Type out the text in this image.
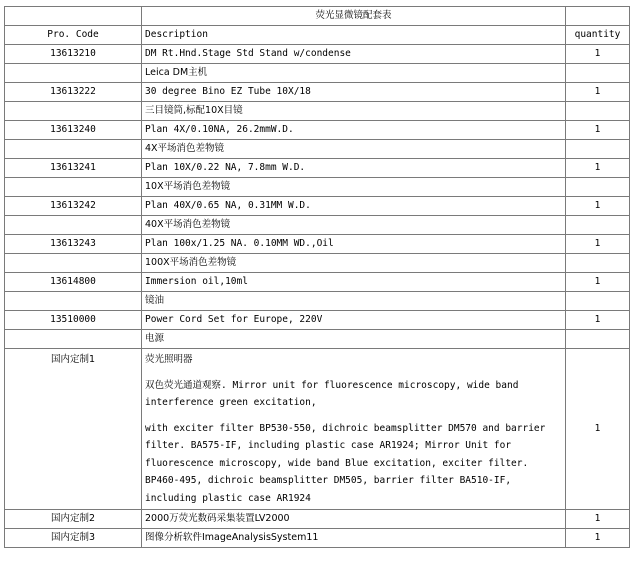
	荧光显微镜配套表	
Pro. Code	Description	quantity
13613210	DM Rt.Hnd.Stage Std Stand w/condense	1
	Leica DM主机	
13613222	30 degree Bino EZ Tube 10X/18	1
	三目镜筒,标配10X目镜	
13613240	Plan 4X/0.10NA, 26.2mmW.D.	1
	4X平场消色差物镜	
13613241	Plan 10X/0.22 NA, 7.8mm W.D.	1
	10X平场消色差物镜	
13613242	Plan 40X/0.65 NA, 0.31MM W.D.	1
	40X平场消色差物镜	
13613243	Plan 100x/1.25 NA. 0.10MM WD.,Oil	1
	100X平场消色差物镜	
13614800	Immersion oil,10ml	1
	镜油	
13510000	Power Cord Set for Europe, 220V	1
	电源	
国内定制1	荧光照明器

双色荧光通道观察. Mirror unit for fluorescence microscopy, wide band interference green excitation,

with exciter filter BP530-550, dichroic beamsplitter DM570 and barrier filter. BA575-IF, including plastic case AR1924; Mirror Unit for fluorescence microscopy, wide band Blue excitation, exciter filter. BP460-495, dichroic beamsplitter DM505, barrier filter BA510-IF, including plastic case AR1924	1
国内定制2	2000万荧光数码采集装置LV2000	1
国内定制3	图像分析软件ImageAnalysisSystem11	1
